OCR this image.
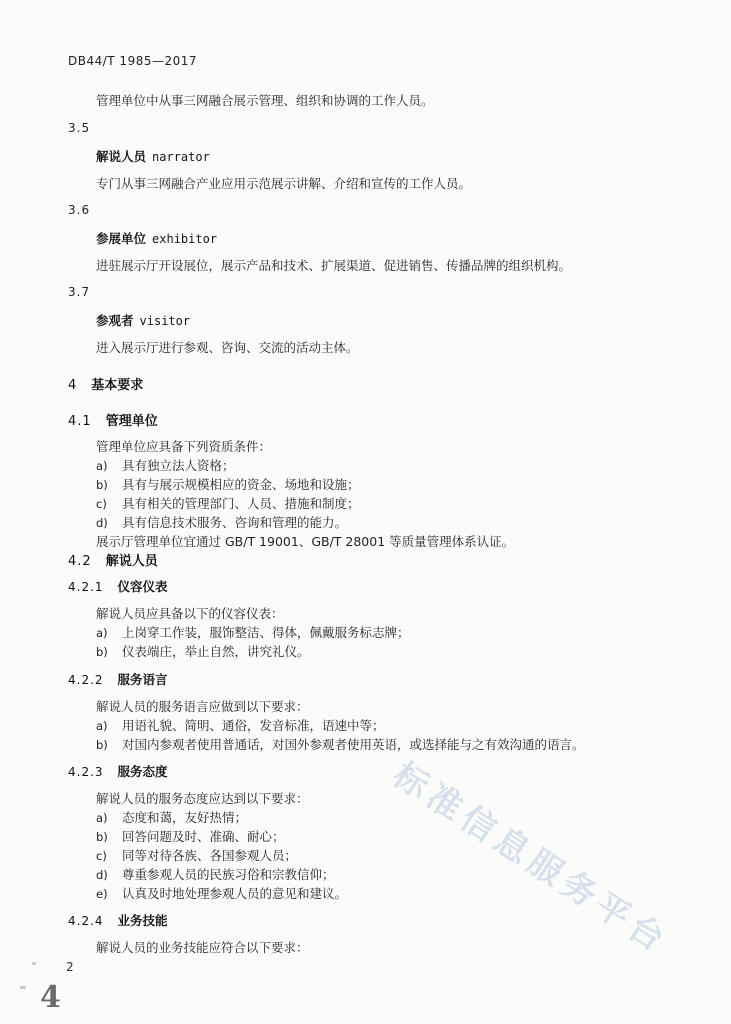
DB44/T 1985—2017
管理单位中从事三网融合展示管理、组织和协调的工作人员。
3.5
解说人员 narrator
专门从事三网融合产业应用示范展示讲解、介绍和宣传的工作人员。
3.6
参展单位 exhibitor
进驻展示厅开设展位，展示产品和技术、扩展渠道、促进销售、传播品牌的组织机构。
3.7
参观者 visitor
进入展示厅进行参观、咨询、交流的活动主体。
4 基本要求
4.1 管理单位
管理单位应具备下列资质条件：
a) 具有独立法人资格；
b) 具有与展示规模相应的资金、场地和设施；
c) 具有相关的管理部门、人员、措施和制度；
d) 具有信息技术服务、咨询和管理的能力。
展示厅管理单位宜通过 GB/T 19001、GB/T 28001 等质量管理体系认证。
4.2 解说人员
4.2.1 仪容仪表
解说人员应具备以下的仪容仪表：
a) 上岗穿工作装，服饰整洁、得体，佩戴服务标志牌；
b) 仪表端庄，举止自然，讲究礼仪。
4.2.2 服务语言
解说人员的服务语言应做到以下要求：
a) 用语礼貌、简明、通俗，发音标准，语速中等；
b) 对国内参观者使用普通话，对国外参观者使用英语，或选择能与之有效沟通的语言。
4.2.3 服务态度
解说人员的服务态度应达到以下要求：
a) 态度和蔼，友好热情；
b) 回答问题及时、准确、耐心；
c) 同等对待各族、各国参观人员；
d) 尊重参观人员的民族习俗和宗教信仰；
e) 认真及时地处理参观人员的意见和建议。
4.2.4 业务技能
解说人员的业务技能应符合以下要求： 标准信息服务平台
2
4
